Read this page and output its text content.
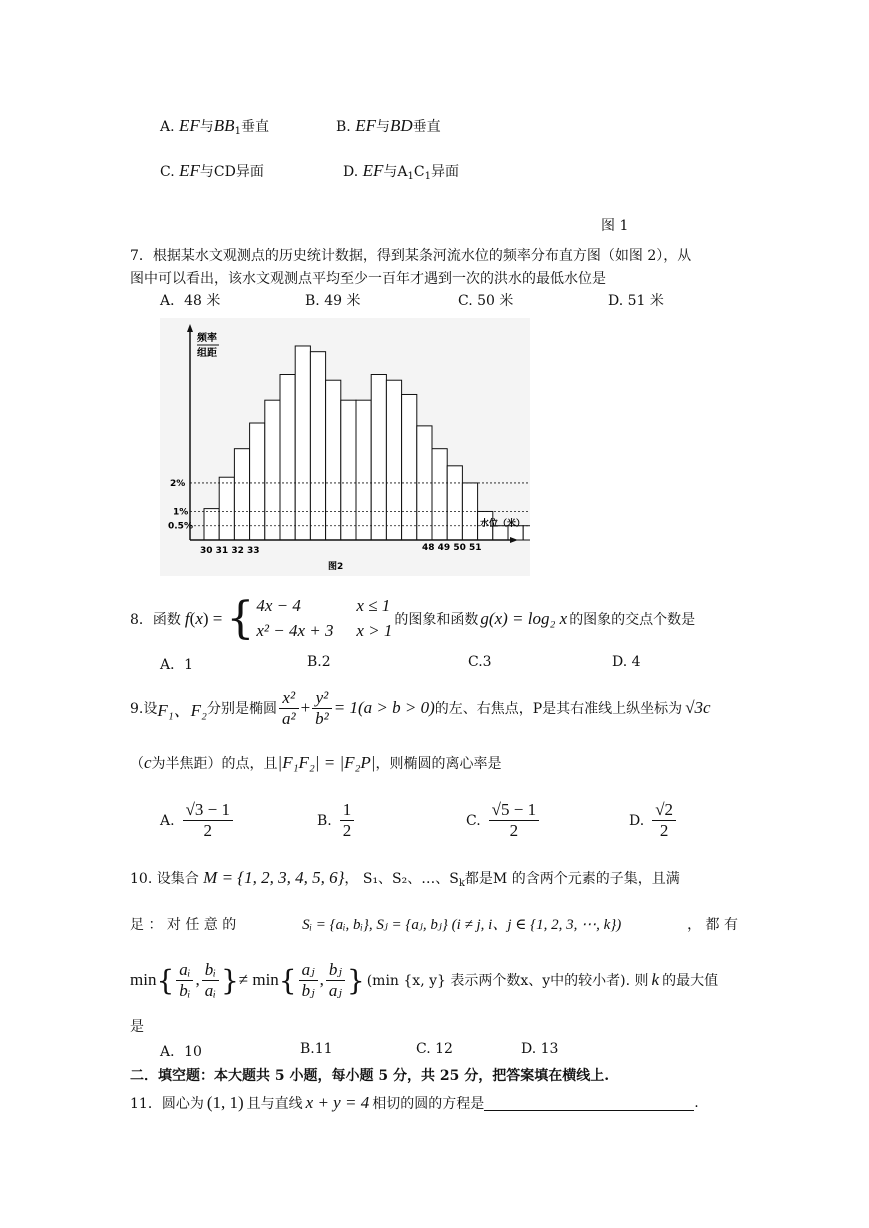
A. EF与$BB_1$垂直	B. EF与BD垂直
C. EF与CD异面	D. EF与$A_1C_1$异面
图 1
7．根据某水文观测点的历史统计数据，得到某条河流水位的频率分布直方图（如图 2），从
图中可以看出，该水文观测点平均至少一百年才遇到一次的洪水的最低水位是
A．48 米	B. 49 米	C. 50 米	D. 51 米
频率
组距
2%
1%
0.5%	水位（米）
30 31 32 33	48 49 50 51
图2
8．函数 f (x) = { 4x − 4	x ≤ 1
x² − 4x + 3 x > 1
的图象和函数 g(x) = log₂ x 的图象的交点个数是
A．1	B.2	C.3	D. 4
9.设 F₁、F₂ 分别是椭圆 $\frac{\text{x²}}{\text{a²}} + \frac{\text{y²}}{\text{b²}} = 1(a > b > 0)$ 的左、右焦点，P是其右准线上纵坐标为 √3c
（c为半焦距）的点，且|F₁F₂| = |F₂P|，则椭圆的离心率是
A. $\frac{√3 - 1}{2}$	B. $\frac{1}{2}$	C. $\frac{√5 - 1}{2}$	D. $\frac{√2}{2}$
10. 设集合 M = {1, 2, 3, 4, 5, 6}， S₁、S₂、…、$S_k$都是M 的含两个元素的子集，且满
足 ： 对 任 意 的	Sᵢ = {aᵢ, bᵢ}, Sⱼ = {aⱼ, bⱼ} (i ≠ j, i、j ∈ {1, 2, 3, ⋯, k})	， 都 有
min { $\frac{\text{aᵢ}}{\text{bᵢ}}$ , $\frac{\text{bᵢ}}{\text{aᵢ}}$ } ≠ min { $\frac{\text{aⱼ}}{\text{bⱼ}}$ , $\frac{\text{bⱼ}}{\text{aⱼ}}$ } (min {x, y} 表示两个数x、y中的较小者) . 则 k 的最大值
是
A．10	B.11	C. 12	D. 13
二．填空题：本大题共 5 小题，每小题 5 分，共 25 分，把答案填在横线上.
11．圆心为 (1, 1) 且与直线 x + y = 4 相切的圆的方程是	.
